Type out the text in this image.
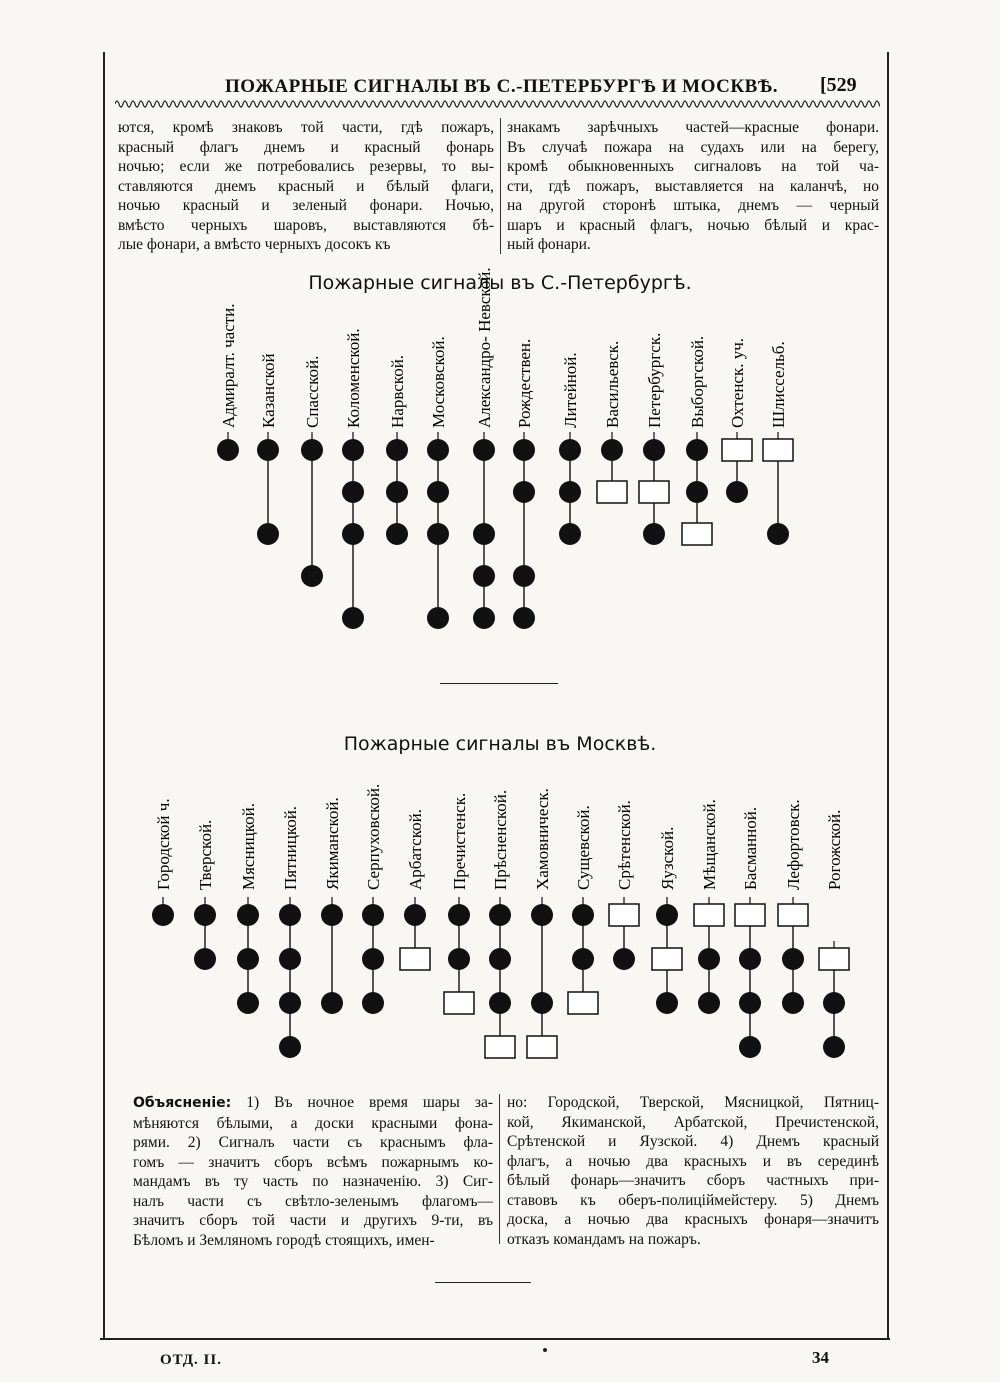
ПОЖАРНЫЕ СИГНАЛЫ ВЪ С.-ПЕТЕРБУРГѢ И МОСКВѢ. [529
ются, кромѣ знаковъ той части, гдѣ пожаръ,
красный флагъ днемъ и красный фонарь
ночью; если же потребовались резервы, то вы-
ставляются днемъ красный и бѣлый флаги,
ночью красный и зеленый фонари. Ночью,
вмѣсто черныхъ шаровъ, выставляются бѣ-
лые фонари, а вмѣсто черныхъ досокъ къ
знакамъ зарѣчныхъ частей—красные фонари.
Въ случаѣ пожара на судахъ или на берегу,
кромѣ обыкновенныхъ сигналовъ на той ча-
сти, гдѣ пожаръ, выставляется на каланчѣ, но
на другой сторонѣ штыка, днемъ — черный
шаръ и красный флагъ, ночью бѣлый и крас-
ный фонари.
Пожарные сигналы въ С.-Петербургѣ.
Адмиралт. части. Казанской Спасской. Коломенской. Нарвской. Московской. Александро- Невской. Рождествен. Литейной. Васильевск. Петербургск. Выборгской. Охтенск. уч. Шлиссельб.
Пожарные сигналы въ Москвѣ.
Городской ч. Тверской. Мясницкой. Пятницкой. Якиманской. Серпуховской. Арбатской. Пречистенск. Прѣсненской. Хамовническ. Сущевской. Срѣтенской. Яузской. Мѣщанской. Басманной. Лефортовск. Рогожской.
Объясненіе: 1) Въ ночное время шары за-
мѣняются бѣлыми, а доски красными фона-
рями. 2) Сигналъ части съ краснымъ фла-
гомъ — значитъ сборъ всѣмъ пожарнымъ ко-
мандамъ въ ту часть по назначенію. 3) Сиг-
налъ части съ свѣтло-зеленымъ флагомъ—
значитъ сборъ той части и другихъ 9-ти, въ
Бѣломъ и Земляномъ городѣ стоящихъ, имен-
но: Городской, Тверской, Мясницкой, Пятниц-
кой, Якиманской, Арбатской, Пречистенской,
Срѣтенской и Яузской. 4) Днемъ красный
флагъ, а ночью два красныхъ и въ серединѣ
бѣлый фонарь—значитъ сборъ частныхъ при-
ставовъ къ оберъ-полиціймейстеру. 5) Днемъ
доска, а ночью два красныхъ фонаря—значитъ
отказъ командамъ на пожаръ.
ОТД. II.	34
